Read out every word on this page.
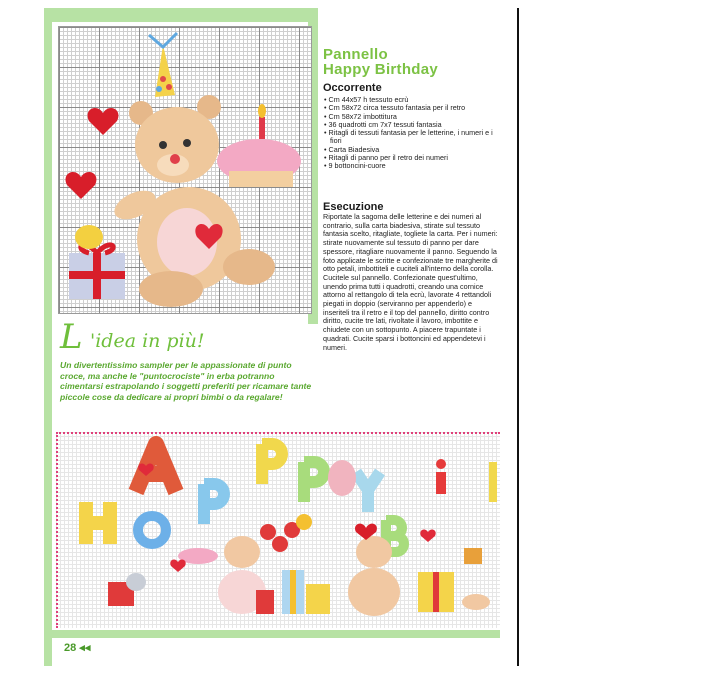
Pannello
Happy Birthday
Occorrente
• Cm 44x57 h tessuto ecrù
• Cm 58x72 circa tessuto fantasia per il retro
• Cm 58x72 imbottitura
• 36 quadrotti cm 7x7 tessuti fantasia
• Ritagli di tessuti fantasia per le letterine, i numeri e i fiori
• Carta Biadesiva
• Ritagli di panno per il retro dei numeri
• 9 bottoncini-cuore
Esecuzione

Riportate la sagoma delle letterine e dei numeri al contrario, sulla carta biadesiva, stirate sul tessuto fantasia scelto, ritagliate, togliete la carta. Per i numeri: stirate nuovamente sul tessuto di panno per dare spessore, ritagliare nuovamente il panno. Seguendo la foto applicate le scritte e confezionate tre margherite di otto petali, imbottiteli e cuciteli all'interno della corolla. Cucitele sul pannello. Confezionate quest'ultimo, unendo prima tutti i quadrotti, creando una cornice attorno al rettangolo di tela ecrù, lavorate 4 rettandoli piegati in doppio (serviranno per appenderlo) e inseriteli tra il retro e il top del pannello, diritto contro diritto, cucite tre lati, rivoltate il lavoro, imbottite e chiudete con un sottopunto. A piacere trapuntate i quadrati. Cucite sparsi i bottoncini ed appendetevi i numeri.

L 'idea in più!

Un divertentissimo sampler per le appassionate di punto croce, ma anche le "puntocrociste" in erba potranno cimentarsi estrapolando i soggetti preferiti per ricamare tante piccole cose da dedicare ai propri bimbi o da regalare!

28 ◂◂
